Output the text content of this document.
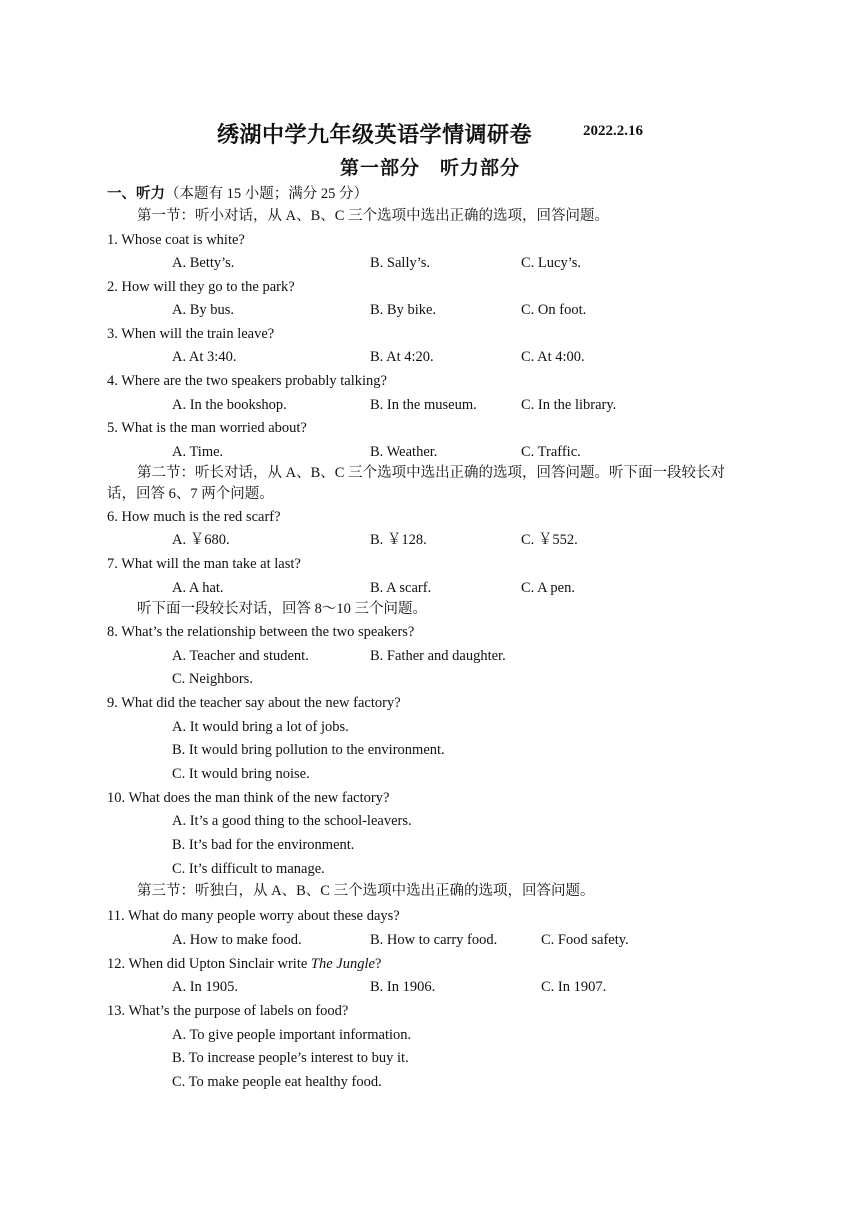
绣湖中学九年级英语学情调研卷	2022.2.16
第一部分　听力部分
一、听力（本题有 15 小题；满分 25 分）
第一节：听小对话，从 A、B、C 三个选项中选出正确的选项，回答问题。
1. Whose coat is white?
A. Betty’s.	B. Sally’s.	C. Lucy’s.
2. How will they go to the park?
A. By bus.	B. By bike.	C. On foot.
3. When will the train leave?
A. At 3:40.	B. At 4:20.	C. At 4:00.
4. Where are the two speakers probably talking?
A. In the bookshop.	B. In the museum.	C. In the library.
5. What is the man worried about?
A. Time.	B. Weather.	C. Traffic.
第二节：听长对话，从 A、B、C 三个选项中选出正确的选项，回答问题。听下面一段较长对
话，回答 6、7 两个问题。
6. How much is the red scarf?
A. ￥680.	B. ￥128.	C. ￥552.
7. What will the man take at last?
A. A hat.	B. A scarf.	C. A pen.
听下面一段较长对话，回答 8～10 三个问题。
8. What’s the relationship between the two speakers?
A. Teacher and student.	B. Father and daughter.
C. Neighbors.
9. What did the teacher say about the new factory?
A. It would bring a lot of jobs.
B. It would bring pollution to the environment.
C. It would bring noise.
10. What does the man think of the new factory?
A. It’s a good thing to the school-leavers.
B. It’s bad for the environment.
C. It’s difficult to manage.
第三节：听独白，从 A、B、C 三个选项中选出正确的选项，回答问题。
11. What do many people worry about these days?
A. How to make food.	B. How to carry food.	C. Food safety.
12. When did Upton Sinclair write The Jungle?
A. In 1905.	B. In 1906.	C. In 1907.
13. What’s the purpose of labels on food?
A. To give people important information.
B. To increase people’s interest to buy it.
C. To make people eat healthy food.
